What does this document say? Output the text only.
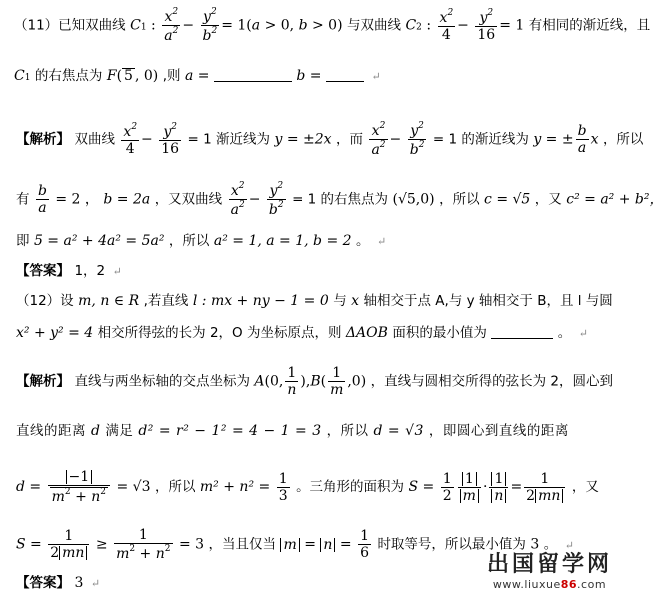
（11）已知双曲线 C1 : $\frac{x^2}{a^2} - \frac{y^2}{b^2} = 1(a > 0$, b > 0) 与双曲线 C2 : $\frac{x^2}{4} - \frac{y^2}{16} = 1$ 有相同的渐近线，且
C1 的右焦点为 F( 5 , 0) ,则 a =	b =	↵
【解析】 双曲线 $\frac{x^2}{4} - \frac{y^2}{16} = 1$ 渐近线为 y = ±2x ，而 $\frac{x^2}{a^2} - \frac{y^2}{b^2} = 1$ 的渐近线为 y = ± $\frac{b}{a}$ x ，所以
有 $\frac{b}{a} = 2$ ， b = 2a ，又双曲线 $\frac{x^2}{a^2} - \frac{y^2}{b^2} = 1$ 的右焦点为 (√5,0) ，所以 c = √5 ，又 c² = a² + b²，
即 5 = a² + 4a² = 5a² ，所以 a² = 1, a = 1, b = 2 。 ↵
【答案】 1，2 ↵
（12）设 m, n ∈ R ,若直线 l : mx + ny − 1 = 0 与 x 轴相交于点 A,与 y 轴相交于 B，且 l 与圆
x² + y² = 4 相交所得弦的长为 2，O 为坐标原点，则 ΔAOB 面积的最小值为	。 ↵
【解析】 直线与两坐标轴的交点坐标为 A(0, $\frac{1}{n} ),B( \frac{1}{m} ,0)$ ，直线与圆相交所得的弦长为 2，圆心到
直线的距离 d 满足 d² = r² − 1² = 4 − 1 = 3 ，所以 d = √3 ，即圆心到直线的距离
$d = \frac{-1}{m^2 + n^2} = √3$ ，所以 $m^2 + n^2 = \frac{1}{3}$ 。三角形的面积为 $S = \frac{1}{2} \frac{1}{m} \cdot \frac{1}{n} = \frac{1}{2 mn}$ ，又
$S = \frac{1}{2 mn} \ge \frac{1}{m^2 + n^2} = 3$ ，当且仅当 $m = n = \frac{1}{6}$ 时取等号，所以最小值为 3 。 ↵
【答案】 3 ↵
出国留学网
www.liuxue86.com
